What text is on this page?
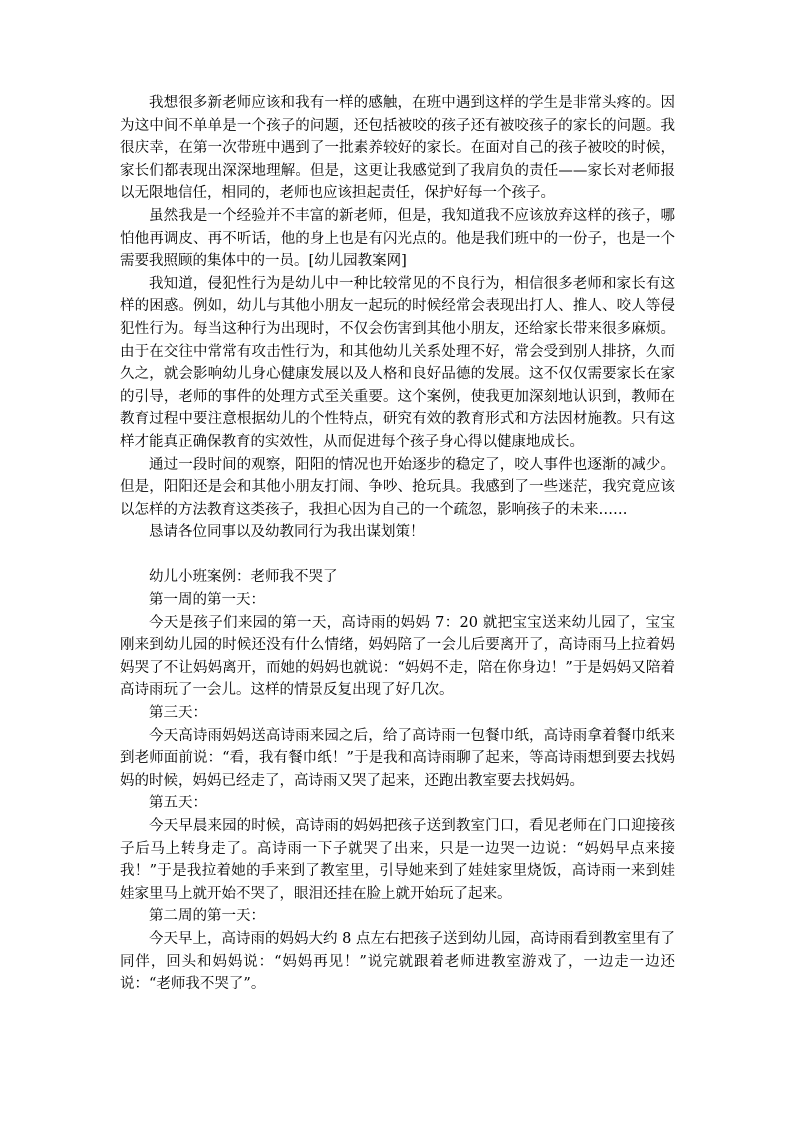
我想很多新老师应该和我有一样的感触，在班中遇到这样的学生是非常头疼的。因为这中间不单单是一个孩子的问题，还包括被咬的孩子还有被咬孩子的家长的问题。我很庆幸，在第一次带班中遇到了一批素养较好的家长。在面对自己的孩子被咬的时候，家长们都表现出深深地理解。但是，这更让我感觉到了我肩负的责任——家长对老师报以无限地信任，相同的，老师也应该担起责任，保护好每一个孩子。

虽然我是一个经验并不丰富的新老师，但是，我知道我不应该放弃这样的孩子，哪怕他再调皮、再不听话，他的身上也是有闪光点的。他是我们班中的一份子，也是一个需要我照顾的集体中的一员。[幼儿园教案网]

我知道，侵犯性行为是幼儿中一种比较常见的不良行为，相信很多老师和家长有这样的困惑。例如，幼儿与其他小朋友一起玩的时候经常会表现出打人、推人、咬人等侵犯性行为。每当这种行为出现时，不仅会伤害到其他小朋友，还给家长带来很多麻烦。由于在交往中常常有攻击性行为，和其他幼儿关系处理不好，常会受到别人排挤，久而久之，就会影响幼儿身心健康发展以及人格和良好品德的发展。这不仅仅需要家长在家的引导，老师的事件的处理方式至关重要。这个案例，使我更加深刻地认识到，教师在教育过程中要注意根据幼儿的个性特点，研究有效的教育形式和方法因材施教。只有这样才能真正确保教育的实效性，从而促进每个孩子身心得以健康地成长。

通过一段时间的观察，阳阳的情况也开始逐步的稳定了，咬人事件也逐渐的减少。但是，阳阳还是会和其他小朋友打闹、争吵、抢玩具。我感到了一些迷茫，我究竟应该以怎样的方法教育这类孩子，我担心因为自己的一个疏忽，影响孩子的未来……

恳请各位同事以及幼教同行为我出谋划策！

幼儿小班案例：老师我不哭了

第一周的第一天：

今天是孩子们来园的第一天，高诗雨的妈妈 7：20 就把宝宝送来幼儿园了，宝宝刚来到幼儿园的时候还没有什么情绪，妈妈陪了一会儿后要离开了，高诗雨马上拉着妈妈哭了不让妈妈离开，而她的妈妈也就说：“妈妈不走，陪在你身边！”于是妈妈又陪着高诗雨玩了一会儿。这样的情景反复出现了好几次。

第三天：

今天高诗雨妈妈送高诗雨来园之后，给了高诗雨一包餐巾纸，高诗雨拿着餐巾纸来到老师面前说：“看，我有餐巾纸！”于是我和高诗雨聊了起来，等高诗雨想到要去找妈妈的时候，妈妈已经走了，高诗雨又哭了起来，还跑出教室要去找妈妈。

第五天：

今天早晨来园的时候，高诗雨的妈妈把孩子送到教室门口，看见老师在门口迎接孩子后马上转身走了。高诗雨一下子就哭了出来，只是一边哭一边说：“妈妈早点来接我！”于是我拉着她的手来到了教室里，引导她来到了娃娃家里烧饭，高诗雨一来到娃娃家里马上就开始不哭了，眼泪还挂在脸上就开始玩了起来。

第二周的第一天：

今天早上，高诗雨的妈妈大约 8 点左右把孩子送到幼儿园，高诗雨看到教室里有了同伴，回头和妈妈说：“妈妈再见！”说完就跟着老师进教室游戏了，一边走一边还说：“老师我不哭了”。
